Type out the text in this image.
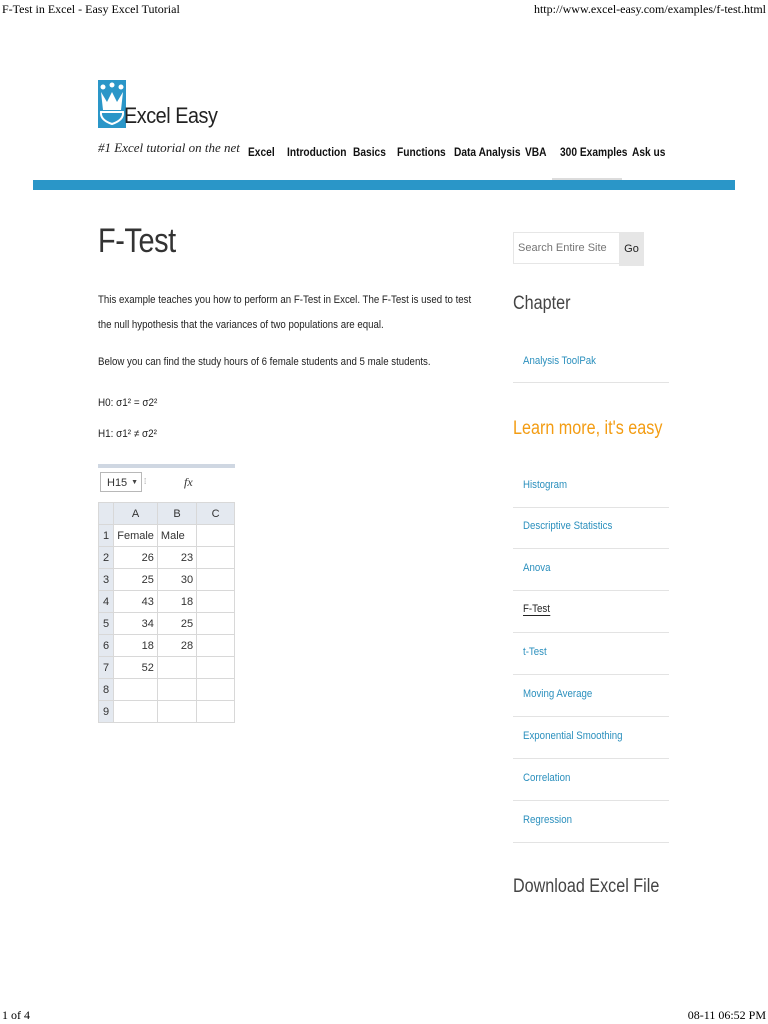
F-Test in Excel - Easy Excel Tutorial	http://www.excel-easy.com/examples/f-test.html
Excel Easy
#1 Excel tutorial on the net Excel Introduction Basics Functions Data Analysis VBA 300 Examples Ask us
F-Test
This example teaches you how to perform an F-Test in Excel. The F-Test is used to test the null hypothesis that the variances of two populations are equal.
Below you can find the study hours of 6 female students and 5 male students.
H0: σ1² = σ2²
H1: σ1² ≠ σ2²
H15 ▼ ⁞	fx
	A	B	C
1	Female	Male	
2	26	23	
3	25	30	
4	43	18	
5	34	25	
6	18	28	
7	52		
8			
9			
Search Entire Site
Go
Chapter
Analysis ToolPak
Learn more, it's easy
Histogram
Descriptive Statistics
Anova
F-Test
t-Test
Moving Average
Exponential Smoothing
Correlation
Regression
Download Excel File
1 of 4	08-11 06:52 PM
